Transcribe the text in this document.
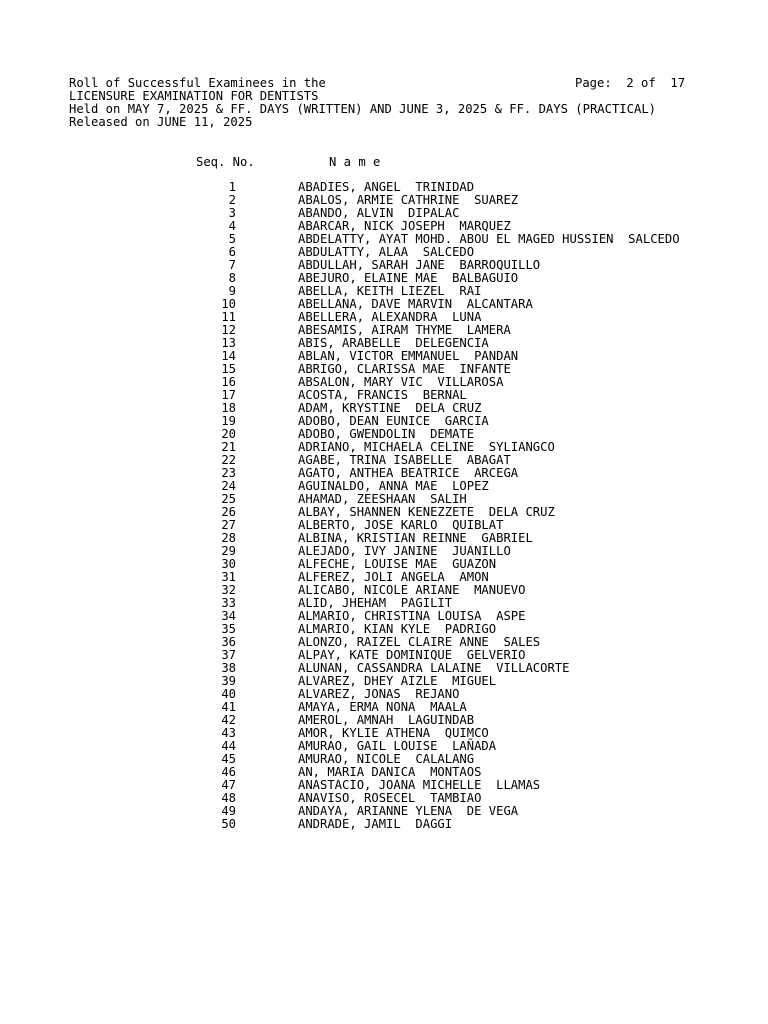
Roll of Successful Examinees in the	Page:  2 of  17
LICENSURE EXAMINATION FOR DENTISTS
Held on MAY 7, 2025 & FF. DAYS (WRITTEN) AND JUNE 3, 2025 & FF. DAYS (PRACTICAL)
Released on JUNE 11, 2025
Seq. No.	N a m e
1	ABADIES, ANGEL  TRINIDAD
2	ABALOS, ARMIE CATHRINE  SUAREZ
3	ABANDO, ALVIN  DIPALAC
4	ABARCAR, NICK JOSEPH  MARQUEZ
5	ABDELATTY, AYAT MOHD. ABOU EL MAGED HUSSIEN  SALCEDO
6	ABDULATTY, ALAA  SALCEDO
7	ABDULLAH, SARAH JANE  BARROQUILLO
8	ABEJURO, ELAINE MAE  BALBAGUIO
9	ABELLA, KEITH LIEZEL  RAI
10	ABELLANA, DAVE MARVIN  ALCANTARA
11	ABELLERA, ALEXANDRA  LUNA
12	ABESAMIS, AIRAM THYME  LAMERA
13	ABIS, ARABELLE  DELEGENCIA
14	ABLAN, VICTOR EMMANUEL  PANDAN
15	ABRIGO, CLARISSA MAE  INFANTE
16	ABSALON, MARY VIC  VILLAROSA
17	ACOSTA, FRANCIS  BERNAL
18	ADAM, KRYSTINE  DELA CRUZ
19	ADOBO, DEAN EUNICE  GARCIA
20	ADOBO, GWENDOLIN  DEMATE
21	ADRIANO, MICHAELA CELINE  SYLIANGCO
22	AGABE, TRINA ISABELLE  ABAGAT
23	AGATO, ANTHEA BEATRICE  ARCEGA
24	AGUINALDO, ANNA MAE  LOPEZ
25	AHAMAD, ZEESHAAN  SALIH
26	ALBAY, SHANNEN KENEZZETE  DELA CRUZ
27	ALBERTO, JOSE KARLO  QUIBLAT
28	ALBINA, KRISTIAN REINNE  GABRIEL
29	ALEJADO, IVY JANINE  JUANILLO
30	ALFECHE, LOUISE MAE  GUAZON
31	ALFEREZ, JOLI ANGELA  AMON
32	ALICABO, NICOLE ARIANE  MANUEVO
33	ALID, JHEHAM  PAGILIT
34	ALMARIO, CHRISTINA LOUISA  ASPE
35	ALMARIO, KIAN KYLE  PADRIGO
36	ALONZO, RAIZEL CLAIRE ANNE  SALES
37	ALPAY, KATE DOMINIQUE  GELVERIO
38	ALUNAN, CASSANDRA LALAINE  VILLACORTE
39	ALVAREZ, DHEY AIZLE  MIGUEL
40	ALVAREZ, JONAS  REJANO
41	AMAYA, ERMA NONA  MAALA
42	AMEROL, AMNAH  LAGUINDAB
43	AMOR, KYLIE ATHENA  QUIMCO
44	AMURAO, GAIL LOUISE  LAÑADA
45	AMURAO, NICOLE  CALALANG
46	AN, MARIA DANICA  MONTAOS
47	ANASTACIO, JOANA MICHELLE  LLAMAS
48	ANAVISO, ROSECEL  TAMBIAO
49	ANDAYA, ARIANNE YLENA  DE VEGA
50	ANDRADE, JAMIL  DAGGI
